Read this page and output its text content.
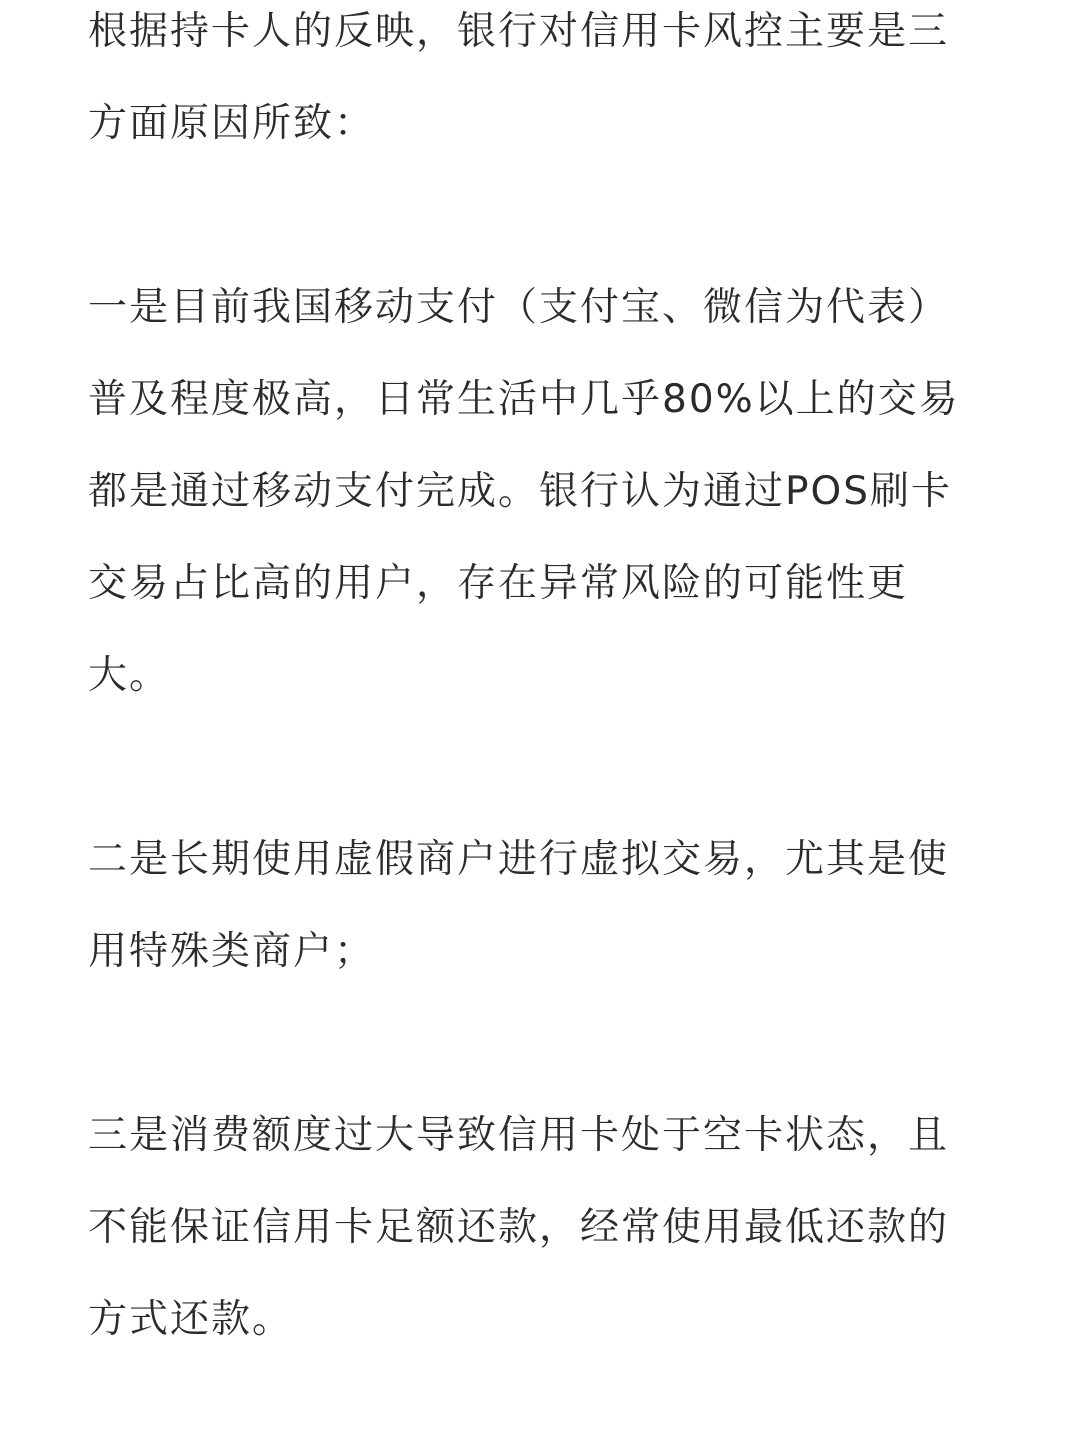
根据持卡人的反映，银行对信用卡风控主要是三
方面原因所致：
一是目前我国移动支付（支付宝、微信为代表）
普及程度极高，日常生活中几乎80%以上的交易
都是通过移动支付完成。银行认为通过POS刷卡
交易占比高的用户，存在异常风险的可能性更
大。
二是长期使用虚假商户进行虚拟交易，尤其是使
用特殊类商户；
三是消费额度过大导致信用卡处于空卡状态，且
不能保证信用卡足额还款，经常使用最低还款的
方式还款。
